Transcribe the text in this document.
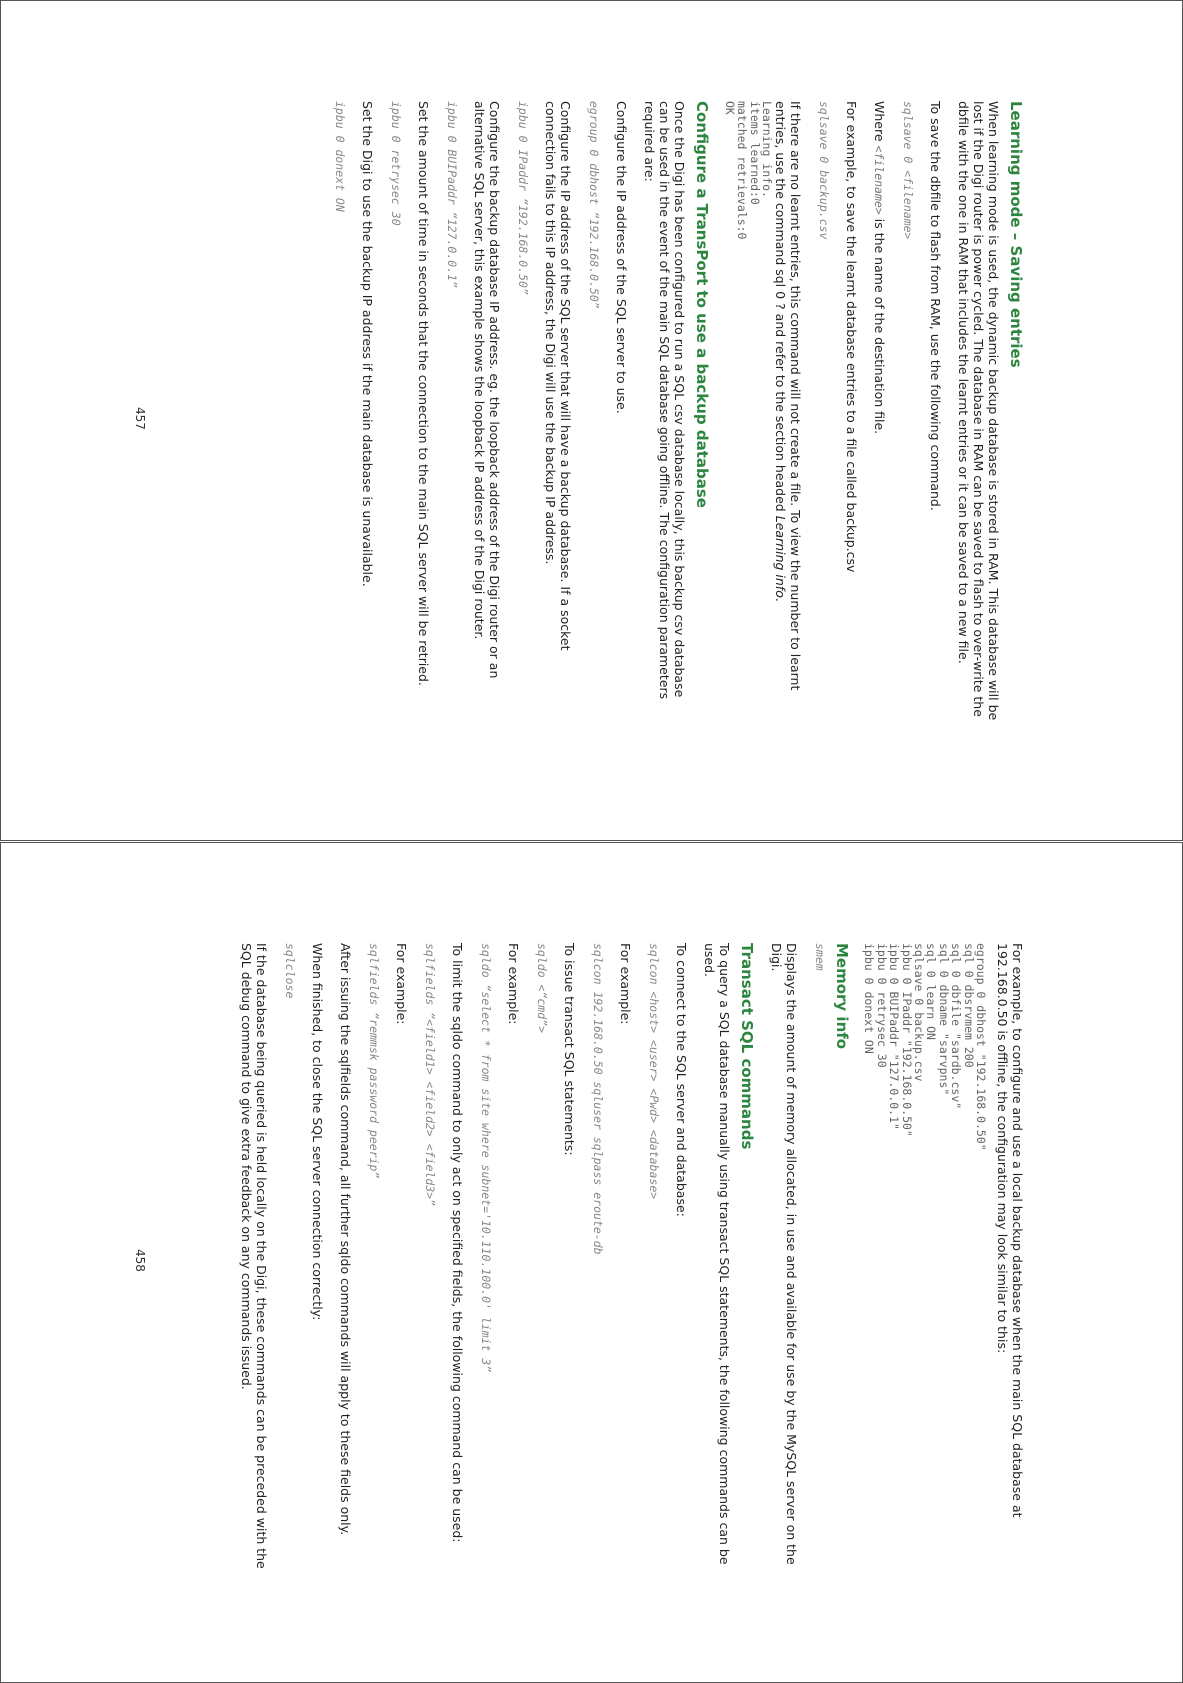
Learning mode – Saving entries

When learning mode is used, the dynamic backup database is stored in RAM. This database will be lost if the Digi router is power cycled. The database in RAM can be saved to flash to over-write the dbfile with the one in RAM that includes the learnt entries or it can be saved to a new file.

To save the dbfile to flash from RAM, use the following command.

sqlsave 0 <filename>

Where <filename> is the name of the destination file.

For example, to save the learnt database entries to a file called backup.csv

sqlsave 0 backup.csv

If there are no learnt entries, this command will not create a file. To view the number to learnt entries, use the command sql 0 ? and refer to the section headed Learning info.

Learning info.
items learned:0
matched retrievals:0
OK
Configure a TransPort to use a backup database

Once the Digi has been configured to run a SQL csv database locally, this backup csv database can be used in the event of the main SQL database going offline. The configuration parameters required are:

Configure the IP address of the SQL server to use.

egroup 0 dbhost “192.168.0.50”

Configure the IP address of the SQL server that will have a backup database. If a socket connection fails to this IP address, the Digi will use the backup IP address.

ipbu 0 IPaddr “192.168.0.50”

Configure the backup database IP address. eg. the loopback address of the Digi router or an alternative SQL server, this example shows the loopback IP address of the Digi router.

ipbu 0 BUIPaddr “127.0.0.1”

Set the amount of time in seconds that the connection to the main SQL server will be retried.

ipbu 0 retrysec 30

Set the Digi to use the backup IP address if the main database is unavailable.

ipbu 0 donext ON
457

For example, to configure and use a local backup database when the main SQL database at 192.168.0.50 is offline, the configuration may look similar to this:

egroup 0 dbhost "192.168.0.50"
sql 0 dbsrvmem 200
sql 0 dbfile "sardb.csv"
sql 0 dbname "sarvpns"
sql 0 learn ON
sqlsave 0 backup.csv
ipbu 0 IPaddr "192.168.0.50"
ipbu 0 BUIPaddr "127.0.0.1"
ipbu 0 retrysec 30
ipbu 0 donext ON
Memory info
smem

Displays the amount of memory allocated, in use and available for use by the MySQL server on the Digi.

Transact SQL commands

To query a SQL database manually using transact SQL statements, the following commands can be used.

To connect to the SQL server and database:

sqlcon <host> <user> <Pwd> <database>

For example:

sqlcon 192.168.0.50 sqluser sqlpass eroute-db

To issue transact SQL statements:

sqldo <“cmd”>

For example:

sqldo “select * from site where subnet='10.110.100.0' limit 3”

To limit the sqldo command to only act on specified fields, the following command can be used:

sqlfields “<field1> <field2> <field3>”

For example:

sqlfields “remmsk password peerip”

After issuing the sqlfields command, all further sqldo commands will apply to these fields only.

When finished, to close the SQL server connection correctly:

sqlclose

If the database being queried is held locally on the Digi, these commands can be preceded with the SQL debug command to give extra feedback on any commands issued.

458
